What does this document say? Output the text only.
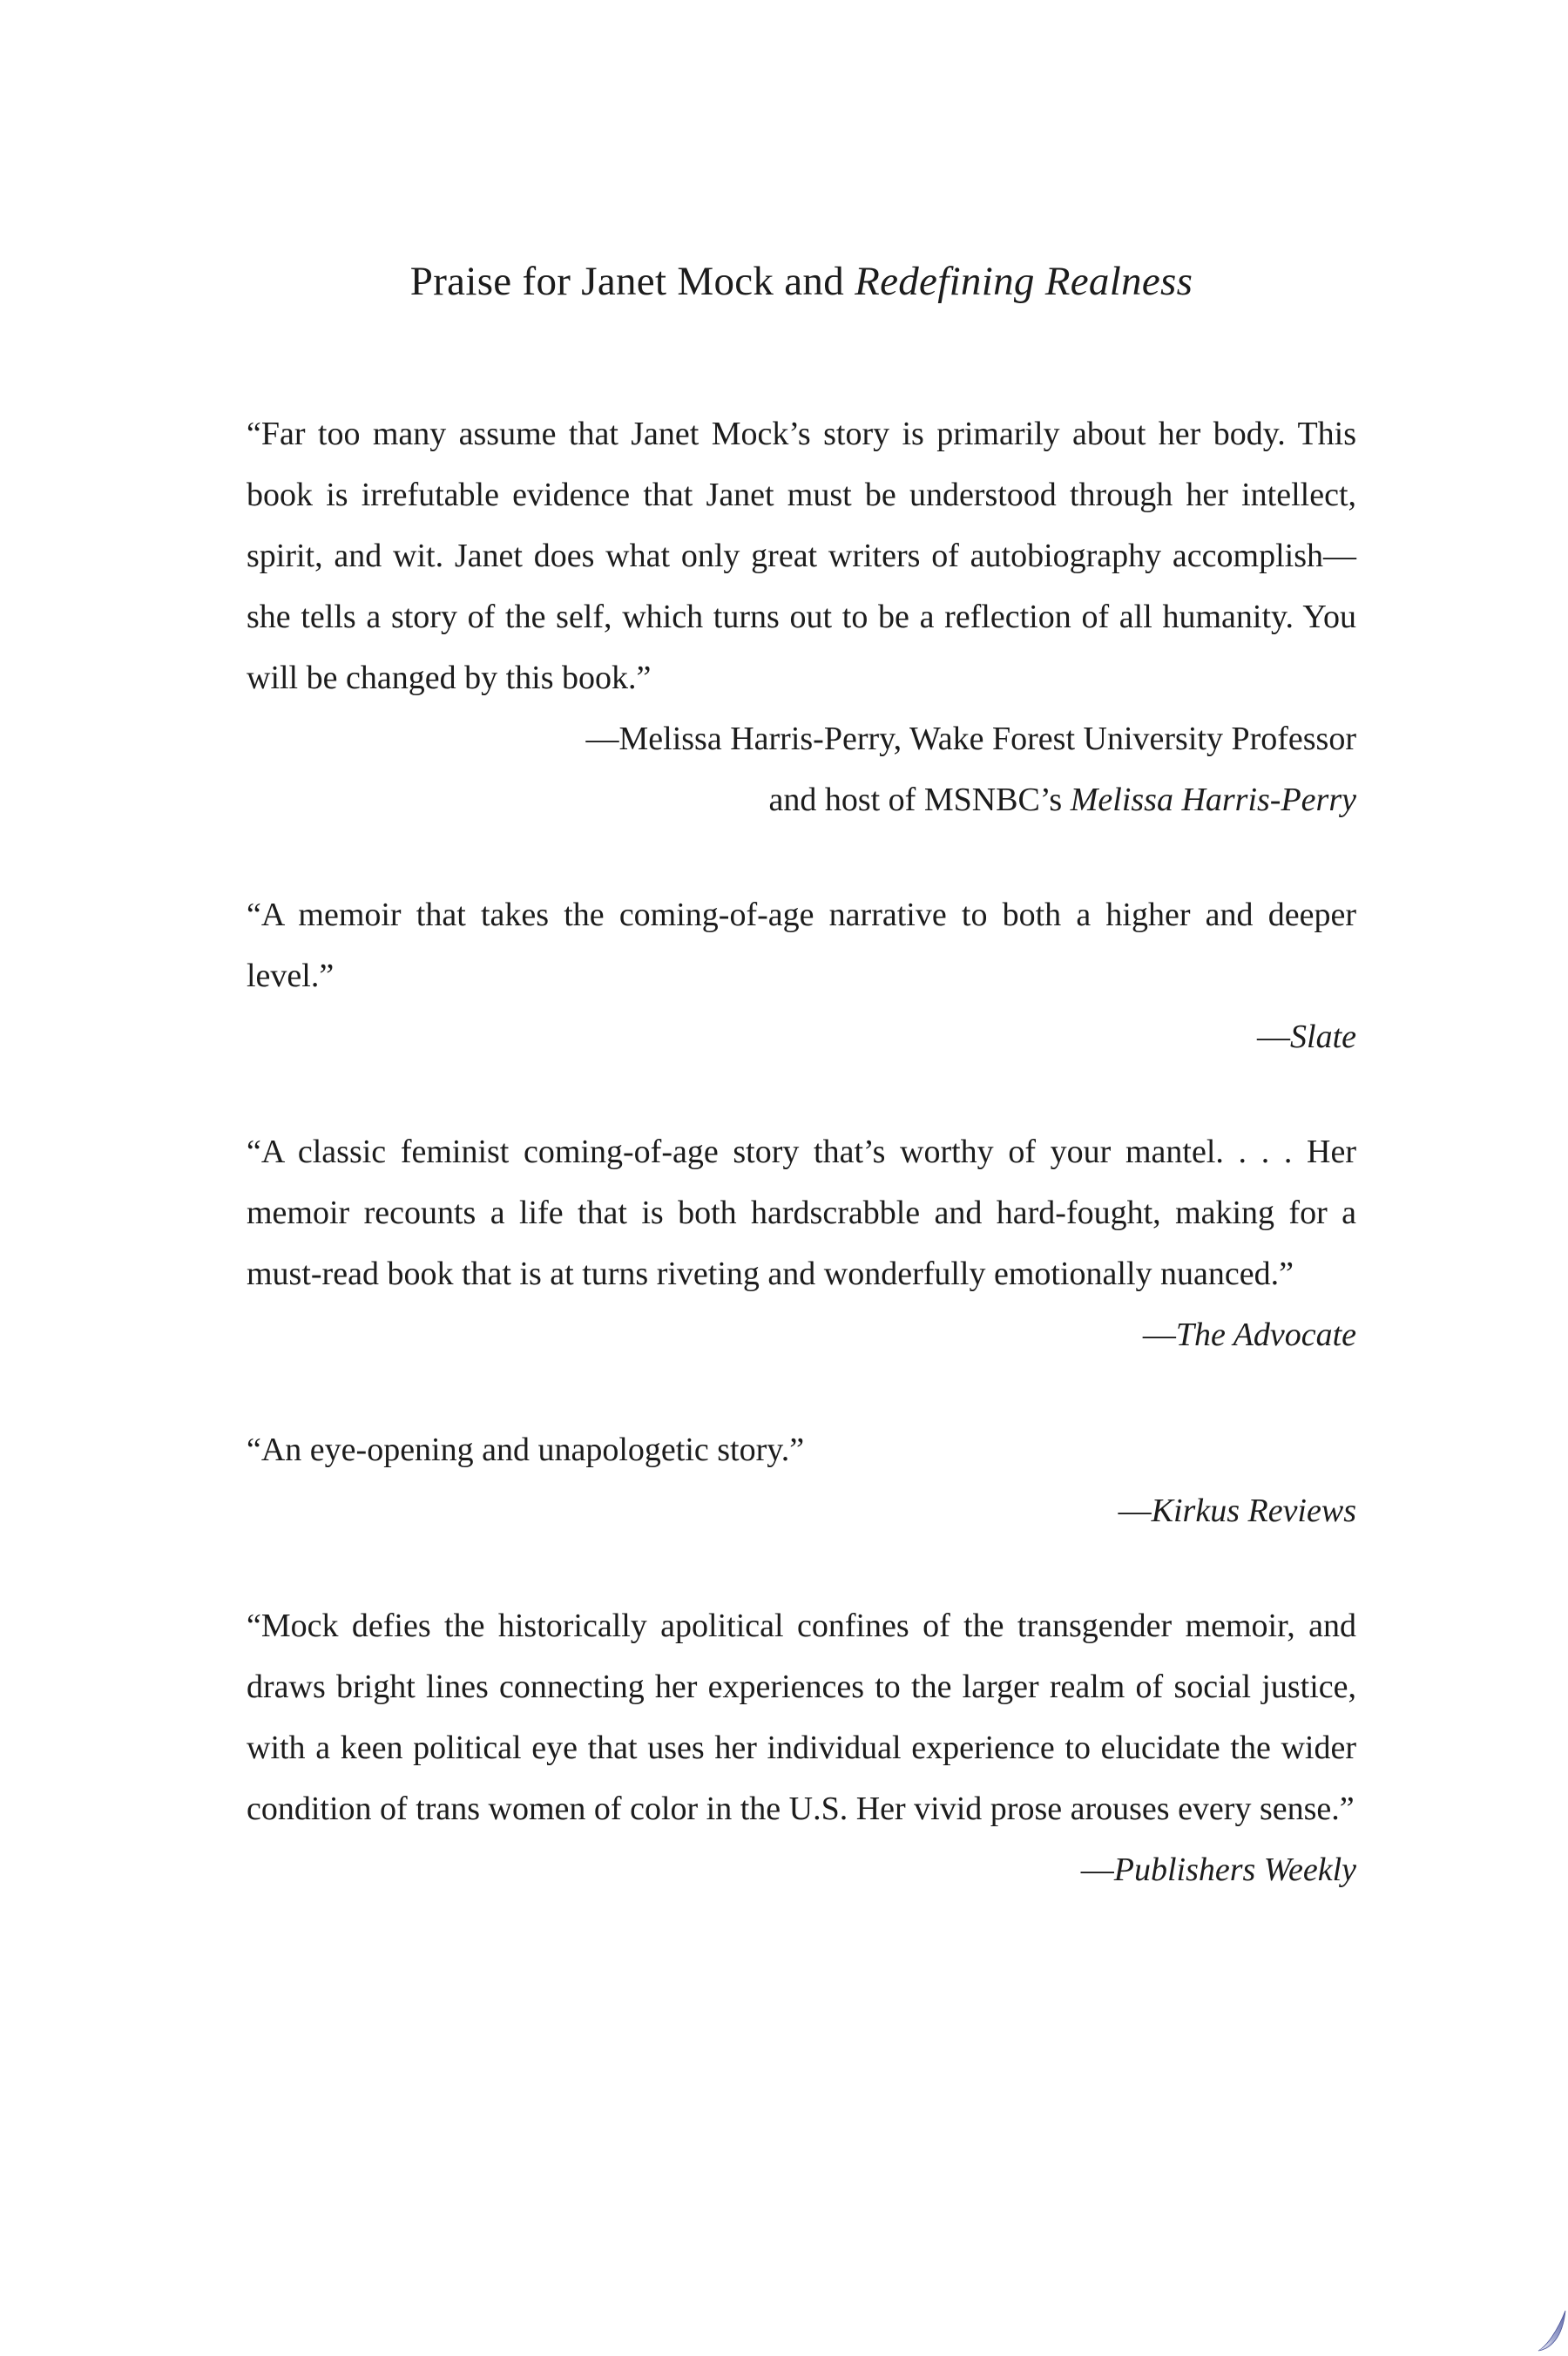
Praise for Janet Mock and Redefining Realness

“Far too many assume that Janet Mock’s story is primarily about her body. This book is irrefutable evidence that Janet must be understood through her intellect, spirit, and wit. Janet does what only great writers of autobiography accomplish—she tells a story of the self, which turns out to be a reflection of all humanity. You will be changed by this book.”

—Melissa Harris-Perry, Wake Forest University Professor
and host of MSNBC’s Melissa Harris-Perry

“A memoir that takes the coming-of-age narrative to both a higher and deeper level.”

—Slate

“A classic feminist coming-of-age story that’s worthy of your mantel. . . . Her memoir recounts a life that is both hardscrabble and hard-fought, making for a must-read book that is at turns riveting and wonderfully emotionally nuanced.”

—The Advocate

“An eye-opening and unapologetic story.”

—Kirkus Reviews

“Mock defies the historically apolitical confines of the transgender memoir, and draws bright lines connecting her experiences to the larger realm of social justice, with a keen political eye that uses her individual experience to elucidate the wider condition of trans women of color in the U.S. Her vivid prose arouses every sense.”

—Publishers Weekly
